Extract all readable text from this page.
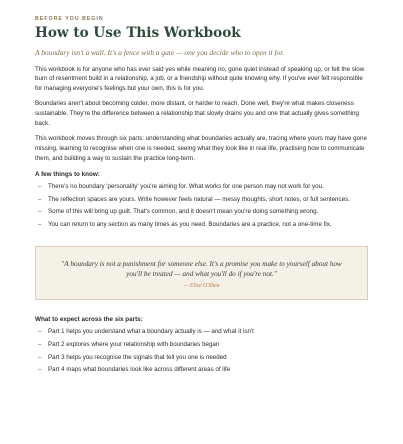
BEFORE YOU BEGIN
How to Use This Workbook
A boundary isn't a wall. It's a fence with a gate — one you decide who to open it for.

This workbook is for anyone who has ever said yes while meaning no, gone quiet instead of speaking up, or felt the slow burn of resentment build in a relationship, a job, or a friendship without quite knowing why. If you've ever felt responsible for managing everyone's feelings but your own, this is for you.

Boundaries aren't about becoming colder, more distant, or harder to reach. Done well, they're what makes closeness sustainable. They're the difference between a relationship that slowly drains you and one that actually gives something back.

This workbook moves through six parts: understanding what boundaries actually are, tracing where yours may have gone missing, learning to recognise when one is needed, seeing what they look like in real life, practising how to communicate them, and building a way to sustain the practice long-term.

A few things to know:
– There's no boundary 'personality' you're aiming for. What works for one person may not work for you.
– The reflection spaces are yours. Write however feels natural — messy thoughts, short notes, or full sentences.
– Some of this will bring up guilt. That's common, and it doesn't mean you're doing something wrong.
– You can return to any section as many times as you need. Boundaries are a practice, not a one-time fix.
"A boundary is not a punishment for someone else. It's a promise you make to yourself about how you'll be treated — and what you'll do if you're not."
— Elise O'Shea
What to expect across the six parts:
– Part 1 helps you understand what a boundary actually is — and what it isn't
– Part 2 explores where your relationship with boundaries began
– Part 3 helps you recognise the signals that tell you one is needed
– Part 4 maps what boundaries look like across different areas of life
